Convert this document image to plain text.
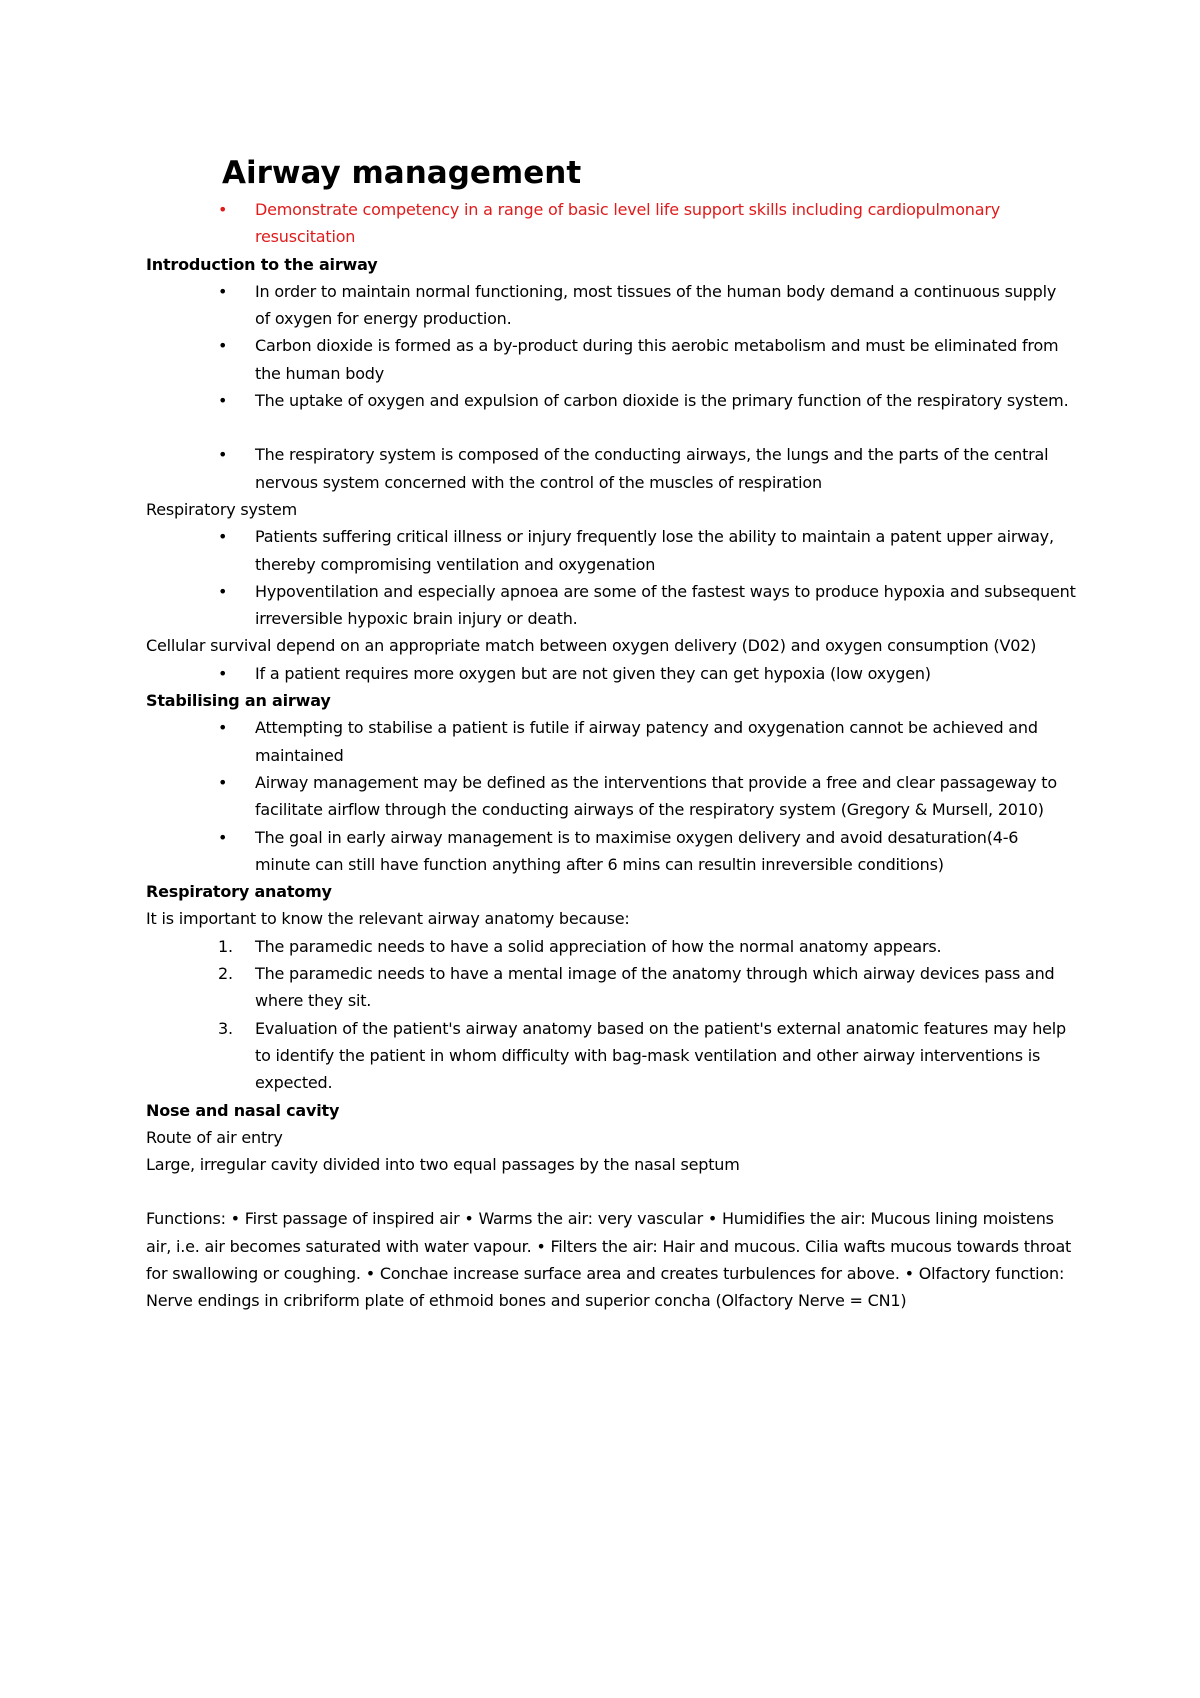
Airway management
•	Demonstrate competency in a range of basic level life support skills including cardiopulmonary resuscitation

Introduction to the airway

•	In order to maintain normal functioning, most tissues of the human body demand a continuous supply of oxygen for energy production.
•	Carbon dioxide is formed as a by-product during this aerobic metabolism and must be eliminated from the human body
•	The uptake of oxygen and expulsion of carbon dioxide is the primary function of the respiratory system.
•	The respiratory system is composed of the conducting airways, the lungs and the parts of the central nervous system concerned with the control of the muscles of respiration

Respiratory system

•	Patients suffering critical illness or injury frequently lose the ability to maintain a patent upper airway, thereby compromising ventilation and oxygenation
•	Hypoventilation and especially apnoea are some of the fastest ways to produce hypoxia and subsequent irreversible hypoxic brain injury or death.

Cellular survival depend on an appropriate match between oxygen delivery (D02) and oxygen consumption (V02)

•	If a patient requires more oxygen but are not given they can get hypoxia (low oxygen)

Stabilising an airway

•	Attempting to stabilise a patient is futile if airway patency and oxygenation cannot be achieved and maintained
•	Airway management may be defined as the interventions that provide a free and clear passageway to facilitate airflow through the conducting airways of the respiratory system (Gregory & Mursell, 2010)
•	The goal in early airway management is to maximise oxygen delivery and avoid desaturation(4-6 minute can still have function anything after 6 mins can resultin inreversible conditions)

Respiratory anatomy

It is important to know the relevant airway anatomy because:

1.	The paramedic needs to have a solid appreciation of how the normal anatomy appears.
2.	The paramedic needs to have a mental image of the anatomy through which airway devices pass and where they sit.
3.	Evaluation of the patient's airway anatomy based on the patient's external anatomic features may help to identify the patient in whom difficulty with bag-mask ventilation and other airway interventions is expected.

Nose and nasal cavity

Route of air entry

Large, irregular cavity divided into two equal passages by the nasal septum

Functions: • First passage of inspired air • Warms the air: very vascular • Humidifies the air: Mucous lining moistens air, i.e. air becomes saturated with water vapour. • Filters the air: Hair and mucous. Cilia wafts mucous towards throat for swallowing or coughing. • Conchae increase surface area and creates turbulences for above. • Olfactory function: Nerve endings in cribriform plate of ethmoid bones and superior concha (Olfactory Nerve = CN1)
